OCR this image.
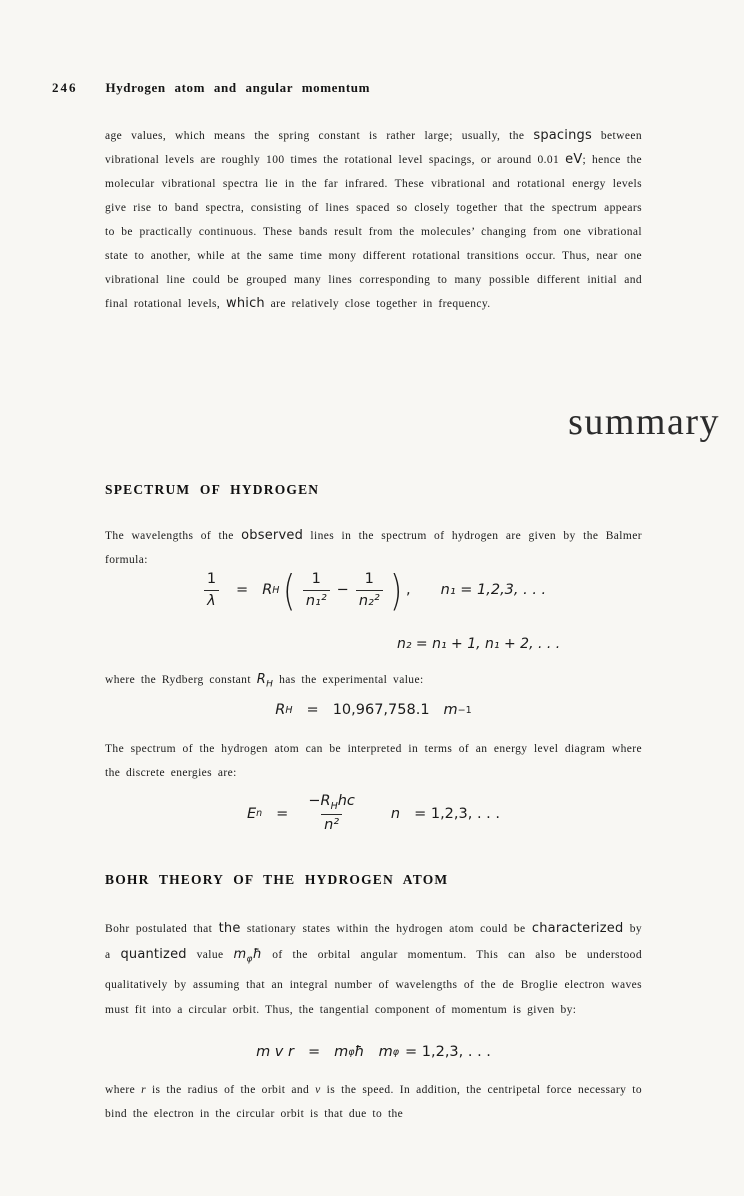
246 Hydrogen atom and angular momentum
age values, which means the spring constant is rather large; usually, the spacings between vibrational levels are roughly 100 times the rotational level spacings, or around 0.01 eV; hence the molecular vibrational spectra lie in the far infrared. These vibrational and rotational energy levels give rise to band spectra, consisting of lines spaced so closely together that the spectrum appears to be practically continuous. These bands result from the molecules’ changing from one vibrational state to another, while at the same time mony different rotational transitions occur. Thus, near one vibrational line could be grouped many lines corresponding to many possible different initial and final rotational levels, which are relatively close together in frequency.
summary
SPECTRUM OF HYDROGEN
The wavelengths of the observed lines in the spectrum of hydrogen are given by the Balmer formula:
$\frac{1}{\lambda} = R$ H ( $\frac{1}{\text{n₁²}} - \frac{1}{\text{n₂²}}$ ) , n₁ = 1,2,3, . . .
n₂ = n₁ + 1, n₁ + 2, . . .
where the Rydberg constant $R_H$ has the experimental value:
R H = 10,967,758.1 m −1
The spectrum of the hydrogen atom can be interpreted in terms of an energy level diagram where the discrete energies are:
E $n = \frac{-R_Hhc}{\text{n²}}$ n = 1,2,3, . . .
BOHR THEORY OF THE HYDROGEN ATOM
Bohr postulated that the stationary states within the hydrogen atom could be characterized by a quantized value $m_\varphi ħ$ of the orbital angular momentum. This can also be understood qualitatively by assuming that an integral number of wavelengths of the de Broglie electron waves must fit into a circular orbit. Thus, the tangential component of momentum is given by:
m v r = m φ ħ m φ = 1,2,3, . . .
where r is the radius of the orbit and v is the speed. In addition, the centripetal force necessary to bind the electron in the circular orbit is that due to the
